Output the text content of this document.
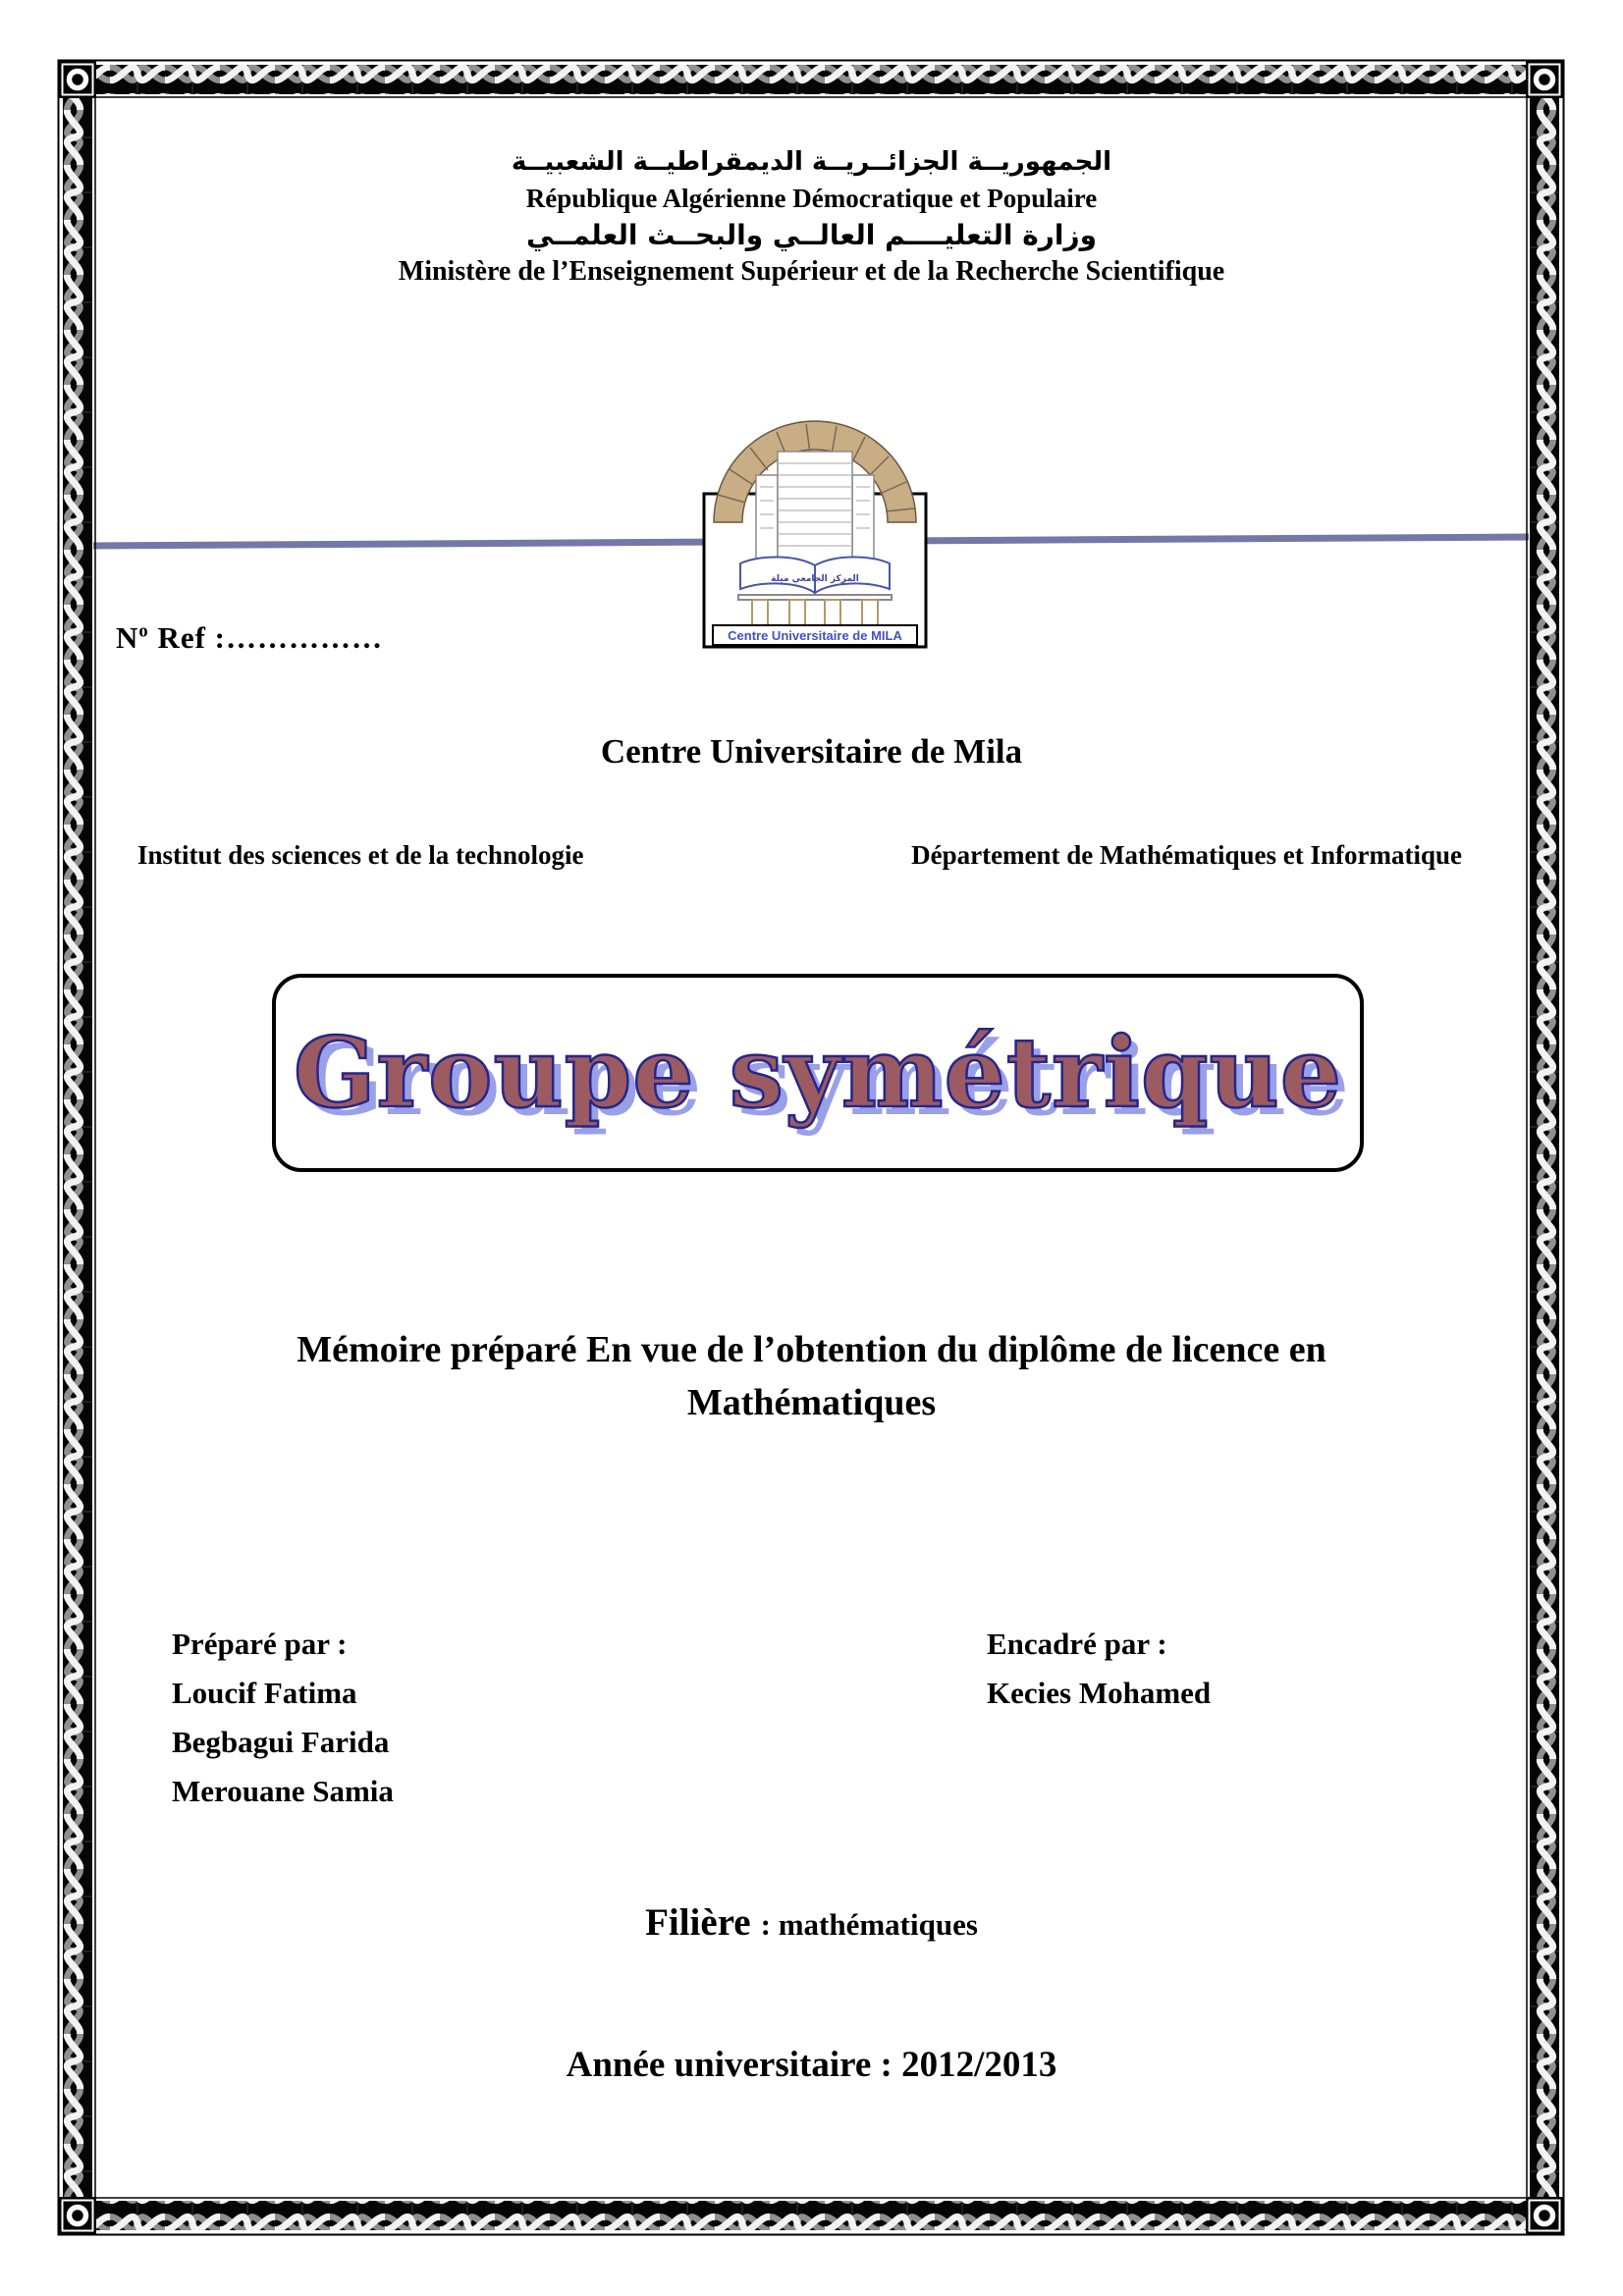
الجمهوريــة الجزائــريــة الديمقراطيــة الشعبيــة
République Algérienne Démocratique et Populaire
وزارة التعليــــم العالــي والبحــث العلمــي
Ministère de l’Enseignement Supérieur et de la Recherche Scientifique
$N^o$ Ref :……………
المركز الجامعي ميلة
Centre Universitaire de MILA
Centre Universitaire de Mila
Institut des sciences et de la technologie	Département de Mathématiques et Informatique
Groupe symétrique
Mémoire préparé En vue de l’obtention du diplôme de licence en
Mathématiques
Préparé par :
Loucif Fatima
Begbagui Farida
Merouane Samia
Encadré par :
Kecies Mohamed
Filière : mathématiques
Année universitaire : 2012/2013
